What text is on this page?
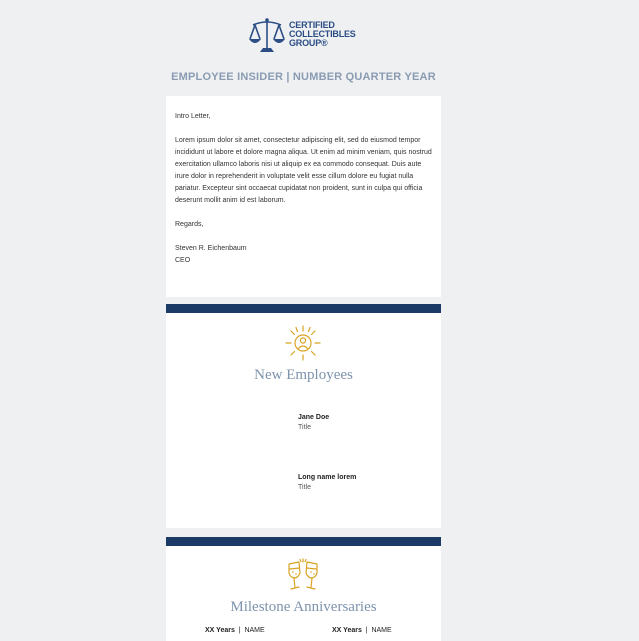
CERTIFIED
COLLECTIBLES
GROUP®
EMPLOYEE INSIDER | NUMBER QUARTER YEAR

Intro Letter,

Lorem ipsum dolor sit amet, consectetur adipiscing elit, sed do eiusmod tempor incididunt ut labore et dolore magna aliqua. Ut enim ad minim veniam, quis nostrud exercitation ullamco laboris nisi ut aliquip ex ea commodo consequat. Duis aute irure dolor in reprehenderit in voluptate velit esse cillum dolore eu fugiat nulla pariatur. Excepteur sint occaecat cupidatat non proident, sunt in culpa qui officia deserunt mollit anim id est laborum.

Regards,

Steven R. Eichenbaum
CEO
New Employees
Jane Doe
Title
Long name lorem
Title
Milestone Anniversaries
XX Years | NAME	XX Years | NAME
